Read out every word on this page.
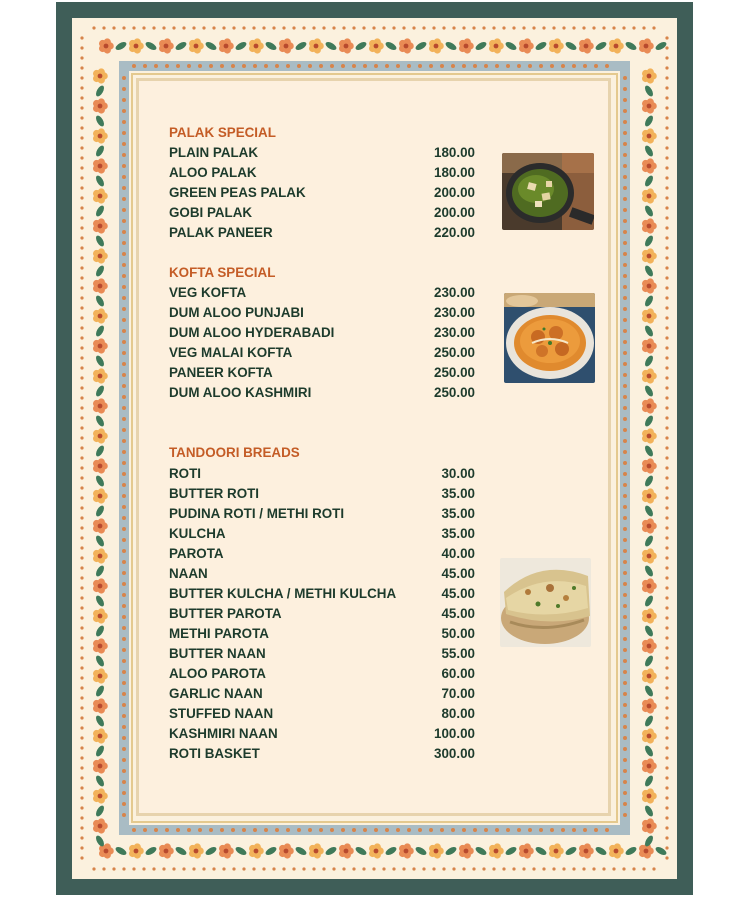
PALAK SPECIAL
PLAIN PALAK	180.00
ALOO PALAK	180.00
GREEN PEAS PALAK	200.00
GOBI PALAK	200.00
PALAK PANEER	220.00
KOFTA SPECIAL
VEG KOFTA	230.00
DUM ALOO PUNJABI	230.00
DUM ALOO HYDERABADI	230.00
VEG MALAI KOFTA	250.00
PANEER KOFTA	250.00
DUM ALOO KASHMIRI	250.00
TANDOORI BREADS
ROTI	30.00
BUTTER ROTI	35.00
PUDINA ROTI / METHI ROTI	35.00
KULCHA	35.00
PAROTA	40.00
NAAN	45.00
BUTTER KULCHA / METHI KULCHA	45.00
BUTTER PAROTA	45.00
METHI PAROTA	50.00
BUTTER NAAN	55.00
ALOO PAROTA	60.00
GARLIC NAAN	70.00
STUFFED NAAN	80.00
KASHMIRI NAAN	100.00
ROTI BASKET	300.00
